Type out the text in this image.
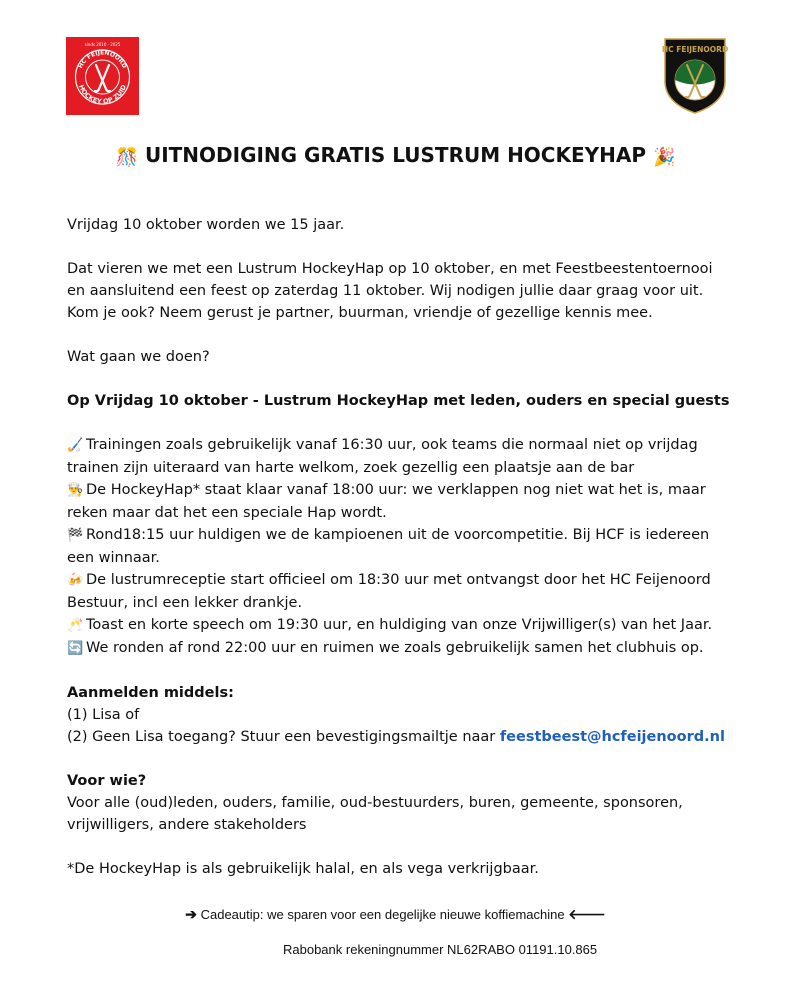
sinds 2010 · 2025
HC FEIJENOORD
HOCKEY OP ZUID
HC FEIJENOORD
🎊 UITNODIGING GRATIS LUSTRUM HOCKEYHAP 🎉

Vrijdag 10 oktober worden we 15 jaar.

Dat vieren we met een Lustrum HockeyHap op 10 oktober, en met Feestbeestentoernooi

en aansluitend een feest op zaterdag 11 oktober. Wij nodigen jullie daar graag voor uit.

Kom je ook? Neem gerust je partner, buurman, vriendje of gezellige kennis mee.

Wat gaan we doen?

Op Vrijdag 10 oktober - Lustrum HockeyHap met leden, ouders en special guests

🏑 Trainingen zoals gebruikelijk vanaf 16:30 uur, ook teams die normaal niet op vrijdag

trainen zijn uiteraard van harte welkom, zoek gezellig een plaatsje aan de bar

👨‍🍳 De HockeyHap* staat klaar vanaf 18:00 uur: we verklappen nog niet wat het is, maar

reken maar dat het een speciale Hap wordt.

🏁 Rond18:15 uur huldigen we de kampioenen uit de voorcompetitie. Bij HCF is iedereen

een winnaar.

🍻 De lustrumreceptie start officieel om 18:30 uur met ontvangst door het HC Feijenoord

Bestuur, incl een lekker drankje.

🥂 Toast en korte speech om 19:30 uur, en huldiging van onze Vrijwilliger(s) van het Jaar.

🔄 We ronden af rond 22:00 uur en ruimen we zoals gebruikelijk samen het clubhuis op.

Aanmelden middels:

(1) Lisa of

(2) Geen Lisa toegang? Stuur een bevestigingsmailtje naar feestbeest@hcfeijenoord.nl

Voor wie?

Voor alle (oud)leden, ouders, familie, oud-bestuurders, buren, gemeente, sponsoren,

vrijwilligers, andere stakeholders

*De HockeyHap is als gebruikelijk halal, en als vega verkrijgbaar.

➔ Cadeautip: we sparen voor een degelijke nieuwe koffiemachine 🡐
Rabobank rekeningnummer NL62RABO 01191.10.865
